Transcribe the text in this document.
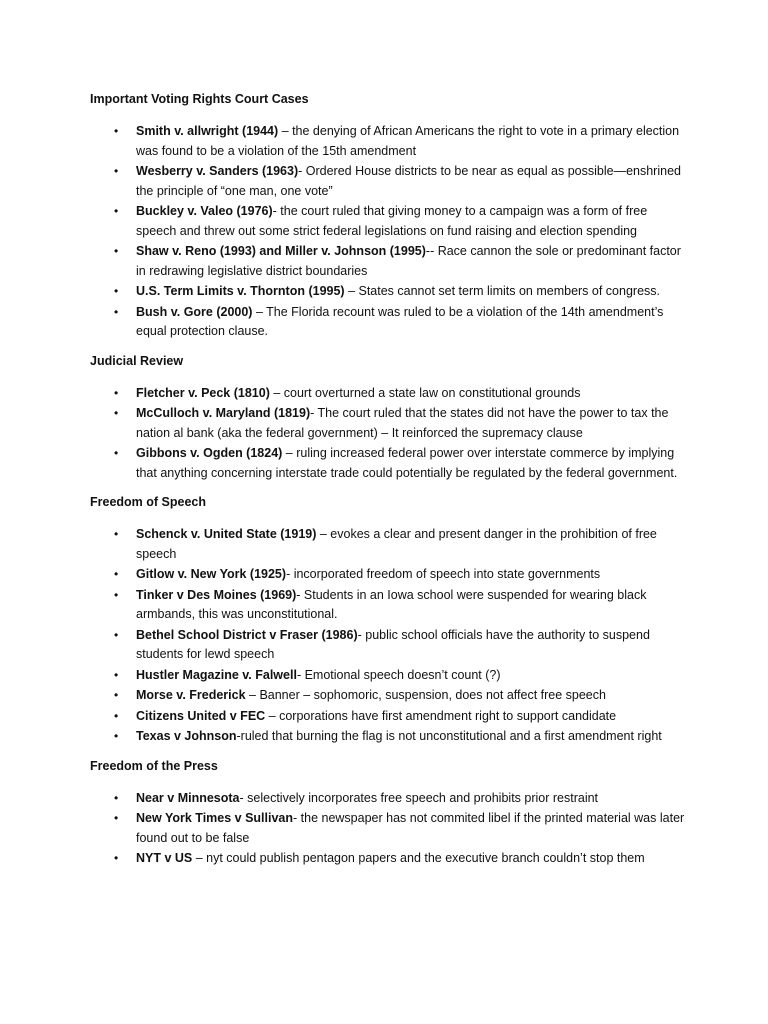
Important Voting Rights Court Cases

• Smith v. allwright (1944) – the denying of African Americans the right to vote in a primary election was found to be a violation of the 15th amendment
• Wesberry v. Sanders (1963)- Ordered House districts to be near as equal as possible—enshrined the principle of “one man, one vote”
• Buckley v. Valeo (1976)- the court ruled that giving money to a campaign was a form of free speech and threw out some strict federal legislations on fund raising and election spending
• Shaw v. Reno (1993) and Miller v. Johnson (1995)-- Race cannon the sole or predominant factor in redrawing legislative district boundaries
• U.S. Term Limits v. Thornton (1995) – States cannot set term limits on members of congress.
• Bush v. Gore (2000) – The Florida recount was ruled to be a violation of the 14th amendment’s equal protection clause.

Judicial Review

• Fletcher v. Peck (1810) – court overturned a state law on constitutional grounds
• McCulloch v. Maryland (1819)- The court ruled that the states did not have the power to tax the nation al bank (aka the federal government) – It reinforced the supremacy clause
• Gibbons v. Ogden (1824) – ruling increased federal power over interstate commerce by implying that anything concerning interstate trade could potentially be regulated by the federal government.

Freedom of Speech

• Schenck v. United State (1919) – evokes a clear and present danger in the prohibition of free speech
• Gitlow v. New York (1925)- incorporated freedom of speech into state governments
• Tinker v Des Moines (1969)- Students in an Iowa school were suspended for wearing black armbands, this was unconstitutional.
• Bethel School District v Fraser (1986)- public school officials have the authority to suspend students for lewd speech
• Hustler Magazine v. Falwell- Emotional speech doesn’t count (?)
• Morse v. Frederick – Banner – sophomoric, suspension, does not affect free speech
• Citizens United v FEC – corporations have first amendment right to support candidate
• Texas v Johnson-ruled that burning the flag is not unconstitutional and a first amendment right

Freedom of the Press

• Near v Minnesota- selectively incorporates free speech and prohibits prior restraint
• New York Times v Sullivan- the newspaper has not commited libel if the printed material was later found out to be false
• NYT v US – nyt could publish pentagon papers and the executive branch couldn’t stop them
